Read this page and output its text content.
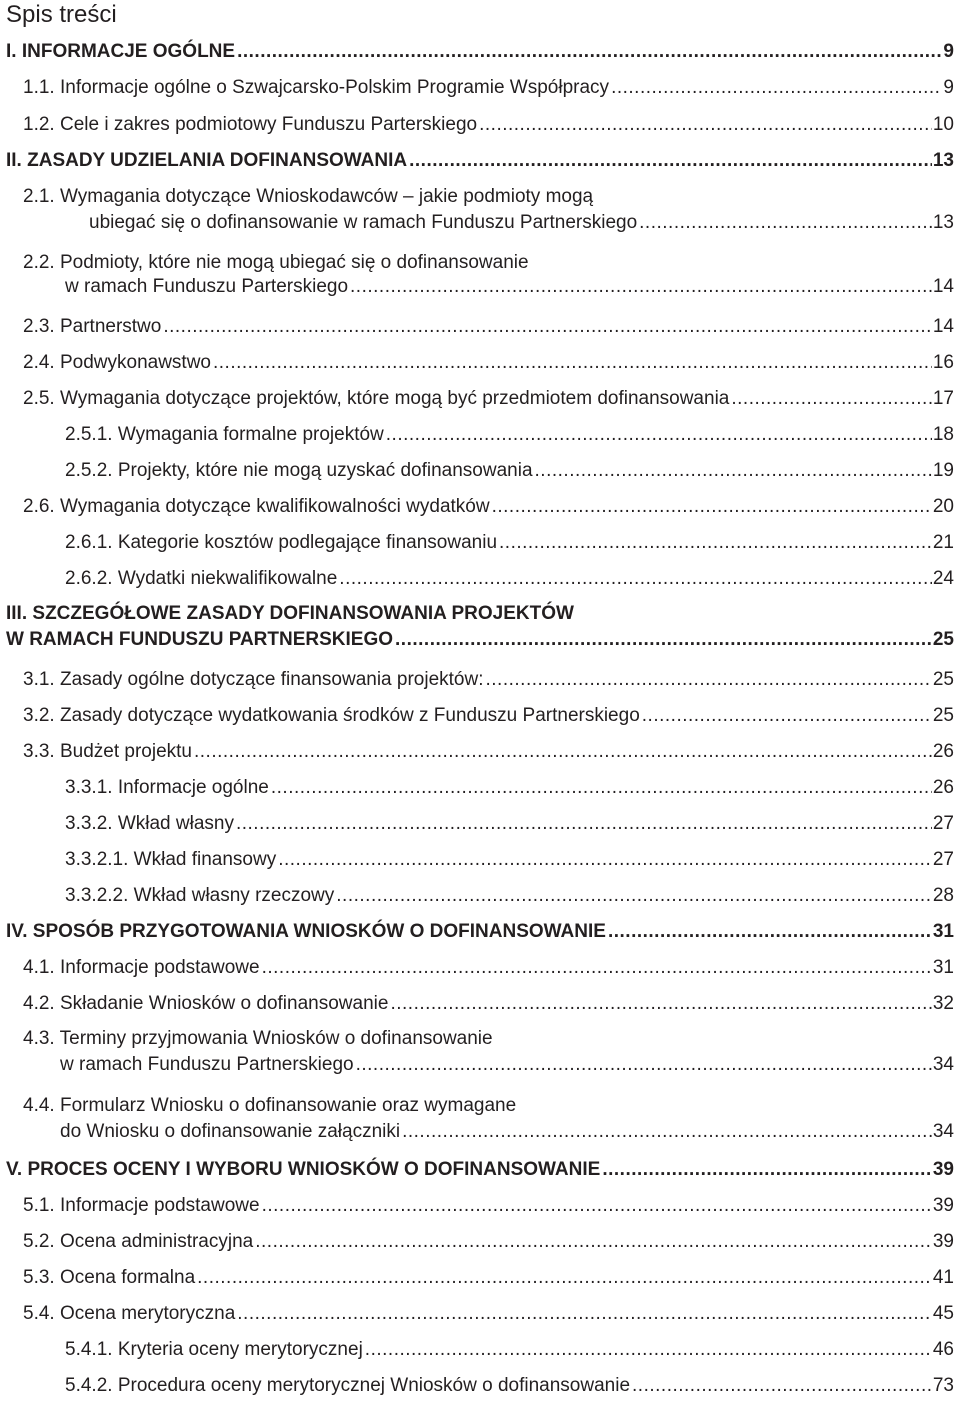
Spis treści
I. INFORMACJE OGÓLNE .....	9
1.1. Informacje ogólne o Szwajcarsko-Polskim Programie Współpracy .....	9
1.2. Cele i zakres podmiotowy Funduszu Parterskiego .....	10
II. ZASADY UDZIELANIA DOFINANSOWANIA .....	13
2.1. Wymagania dotyczące Wnioskodawców – jakie podmioty mogą
ubiegać się o dofinansowanie w ramach Funduszu Partnerskiego .....	13
2.2. Podmioty, które nie mogą ubiegać się o dofinansowanie
w ramach Funduszu Parterskiego .....	14
2.3. Partnerstwo .....	14
2.4. Podwykonawstwo .....	16
2.5. Wymagania dotyczące projektów, które mogą być przedmiotem dofinansowania .....	17
2.5.1. Wymagania formalne projektów .....	18
2.5.2. Projekty, które nie mogą uzyskać dofinansowania .....	19
2.6. Wymagania dotyczące kwalifikowalności wydatków .....	20
2.6.1. Kategorie kosztów podlegające finansowaniu .....	21
2.6.2. Wydatki niekwalifikowalne .....	24
III. SZCZEGÓŁOWE ZASADY DOFINANSOWANIA PROJEKTÓW
W RAMACH FUNDUSZU PARTNERSKIEGO .....	25
3.1. Zasady ogólne dotyczące finansowania projektów: .....	25
3.2. Zasady dotyczące wydatkowania środków z Funduszu Partnerskiego .....	25
3.3. Budżet projektu .....	26
3.3.1. Informacje ogólne .....	26
3.3.2. Wkład własny .....	27
3.3.2.1. Wkład finansowy .....	27
3.3.2.2. Wkład własny rzeczowy .....	28
IV. SPOSÓB PRZYGOTOWANIA WNIOSKÓW O DOFINANSOWANIE .....	31
4.1. Informacje podstawowe .....	31
4.2. Składanie Wniosków o dofinansowanie .....	32
4.3. Terminy przyjmowania Wniosków o dofinansowanie
w ramach Funduszu Partnerskiego .....	34
4.4. Formularz Wniosku o dofinansowanie oraz wymagane
do Wniosku o dofinansowanie załączniki .....	34
V. PROCES OCENY I WYBORU WNIOSKÓW O DOFINANSOWANIE .....	39
5.1. Informacje podstawowe .....	39
5.2. Ocena administracyjna .....	39
5.3. Ocena formalna .....	41
5.4. Ocena merytoryczna .....	45
5.4.1. Kryteria oceny merytorycznej .....	46
5.4.2. Procedura oceny merytorycznej Wniosków o dofinansowanie .....	73
